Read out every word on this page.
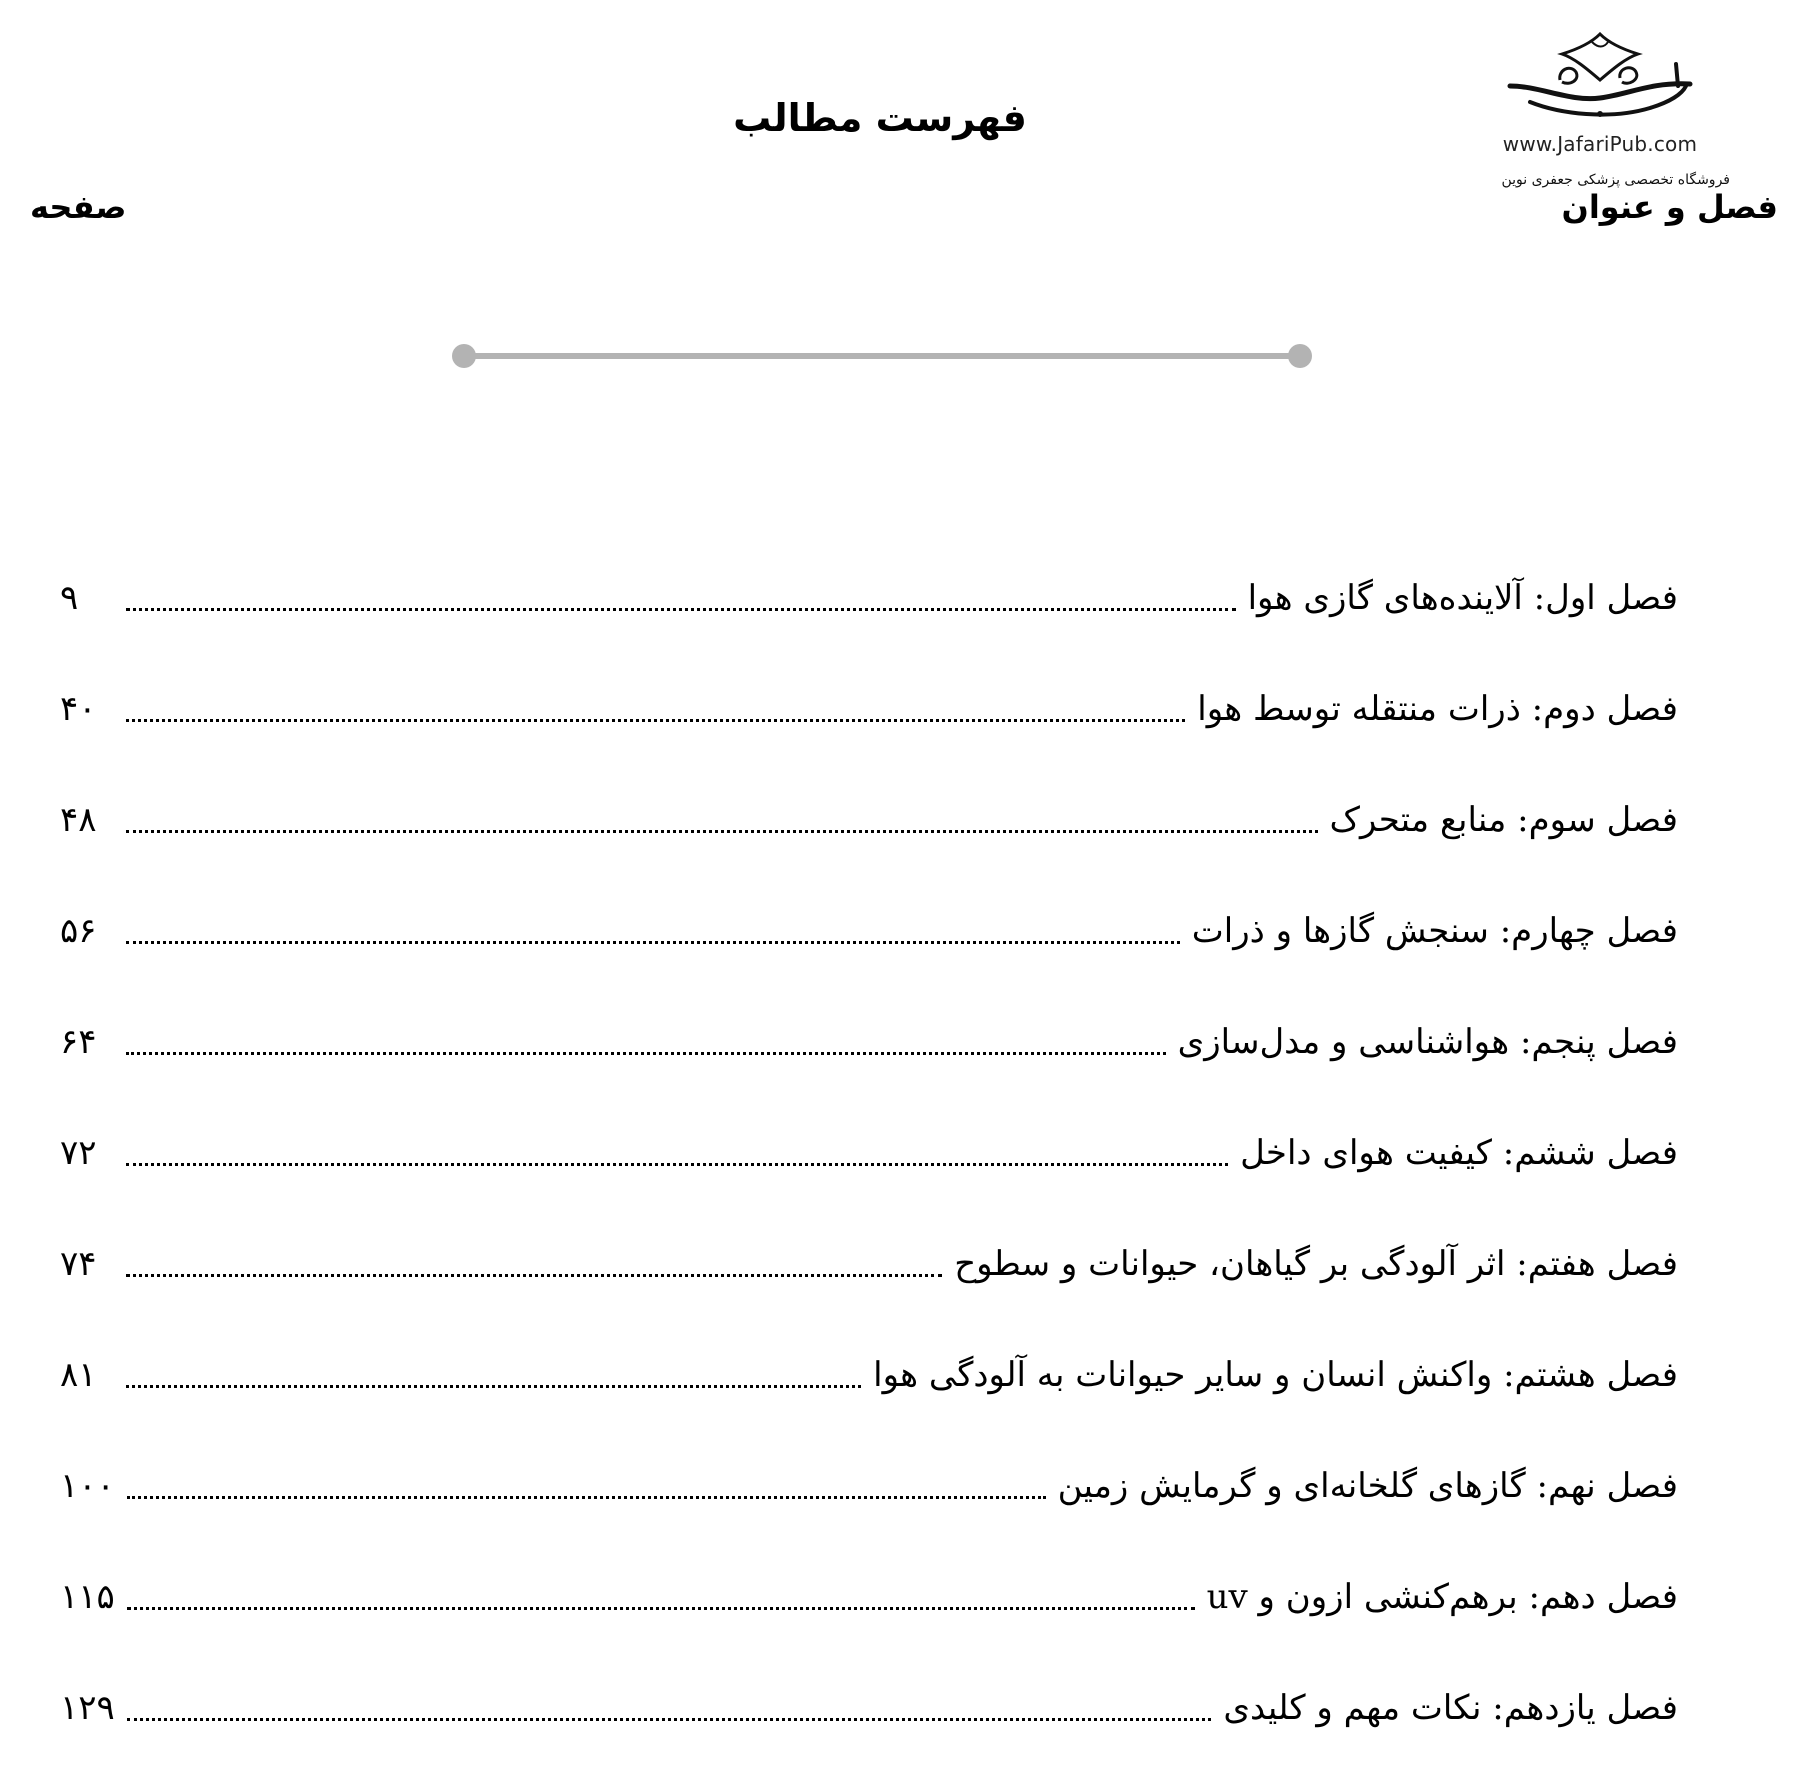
www.JafariPub.com
فروشگاه تخصصی پزشکی جعفری نوین
فهرست مطالب
فصل و عنوان
صفحه
فصل اول: آلاینده‌های گازی هوا
۹
فصل دوم: ذرات منتقله توسط هوا
۴۰
فصل سوم: منابع متحرک
۴۸
فصل چهارم: سنجش گازها و ذرات
۵۶
فصل پنجم: هواشناسی و مدل‌سازی
۶۴
فصل ششم: کیفیت هوای داخل
۷۲
فصل هفتم: اثر آلودگی بر گیاهان، حیوانات و سطوح
۷۴
فصل هشتم: واکنش انسان و سایر حیوانات به آلودگی هوا
۸۱
فصل نهم: گازهای گلخانه‌ای و گرمایش زمین
۱۰۰
فصل دهم: برهم‌کنشی ازون و uv
۱۱۵
فصل یازدهم: نکات مهم و کلیدی
۱۲۹
